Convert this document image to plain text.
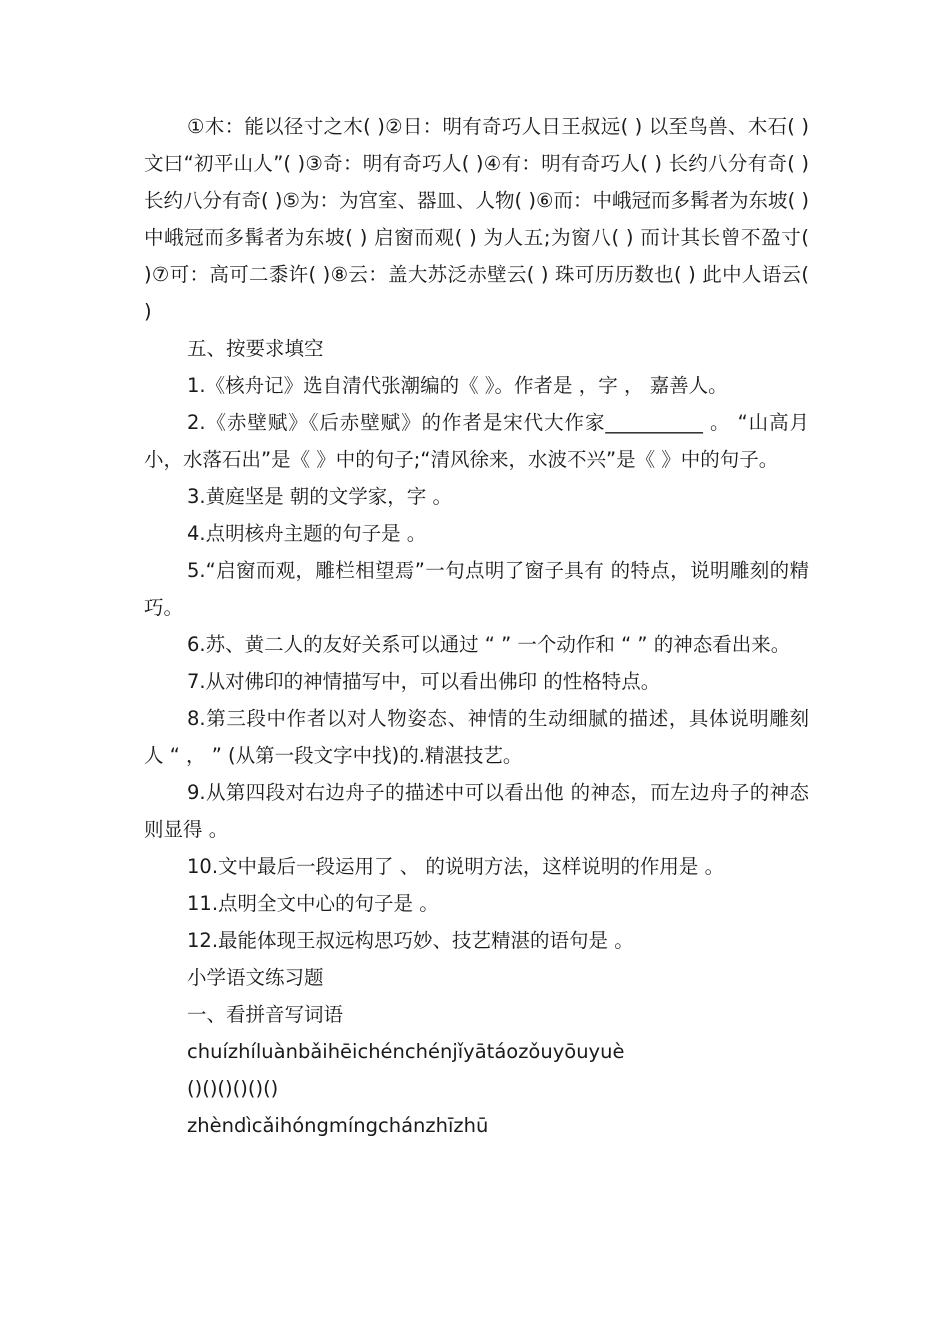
①木：能以径寸之木( )②日：明有奇巧人日王叔远( ) 以至鸟兽、木石( ) 文曰“初平山人”( )③奇：明有奇巧人( )④有：明有奇巧人( ) 长约八分有奇( ) 长约八分有奇( )⑤为：为宫室、器皿、人物( )⑥而：中峨冠而多髯者为东坡( ) 中峨冠而多髯者为东坡( ) 启窗而观( ) 为人五;为窗八( ) 而计其长曾不盈寸( )⑦可：高可二黍许( )⑧云：盖大苏泛赤壁云( ) 珠可历历数也( ) 此中人语云( )

五、按要求填空

1.《核舟记》选自清代张潮编的《 》。作者是 ，字 ， 嘉善人。

2.《赤壁赋》《后赤壁赋》的作者是宋代大作家__________ 。 “山高月小，水落石出”是《 》中的句子;“清风徐来，水波不兴”是《 》中的句子。

3.黄庭坚是 朝的文学家，字 。

4.点明核舟主题的句子是 。

5.“启窗而观，雕栏相望焉”一句点明了窗子具有 的特点，说明雕刻的精巧。

6.苏、黄二人的友好关系可以通过 “ ” 一个动作和 “ ” 的神态看出来。

7.从对佛印的神情描写中，可以看出佛印 的性格特点。

8.第三段中作者以对人物姿态、神情的生动细腻的描述，具体说明雕刻人 “ ， ” (从第一段文字中找)的.精湛技艺。

9.从第四段对右边舟子的描述中可以看出他 的神态，而左边舟子的神态则显得 。

10.文中最后一段运用了 、 的说明方法，这样说明的作用是 。

11.点明全文中心的句子是 。

12.最能体现王叔远构思巧妙、技艺精湛的语句是 。

小学语文练习题

一、看拼音写词语

chuízhíluànbǎihēichénchénjǐyātáozǒuyōuyuè

()()()()()()

zhèndìcǎihóngmíngchánzhīzhū
